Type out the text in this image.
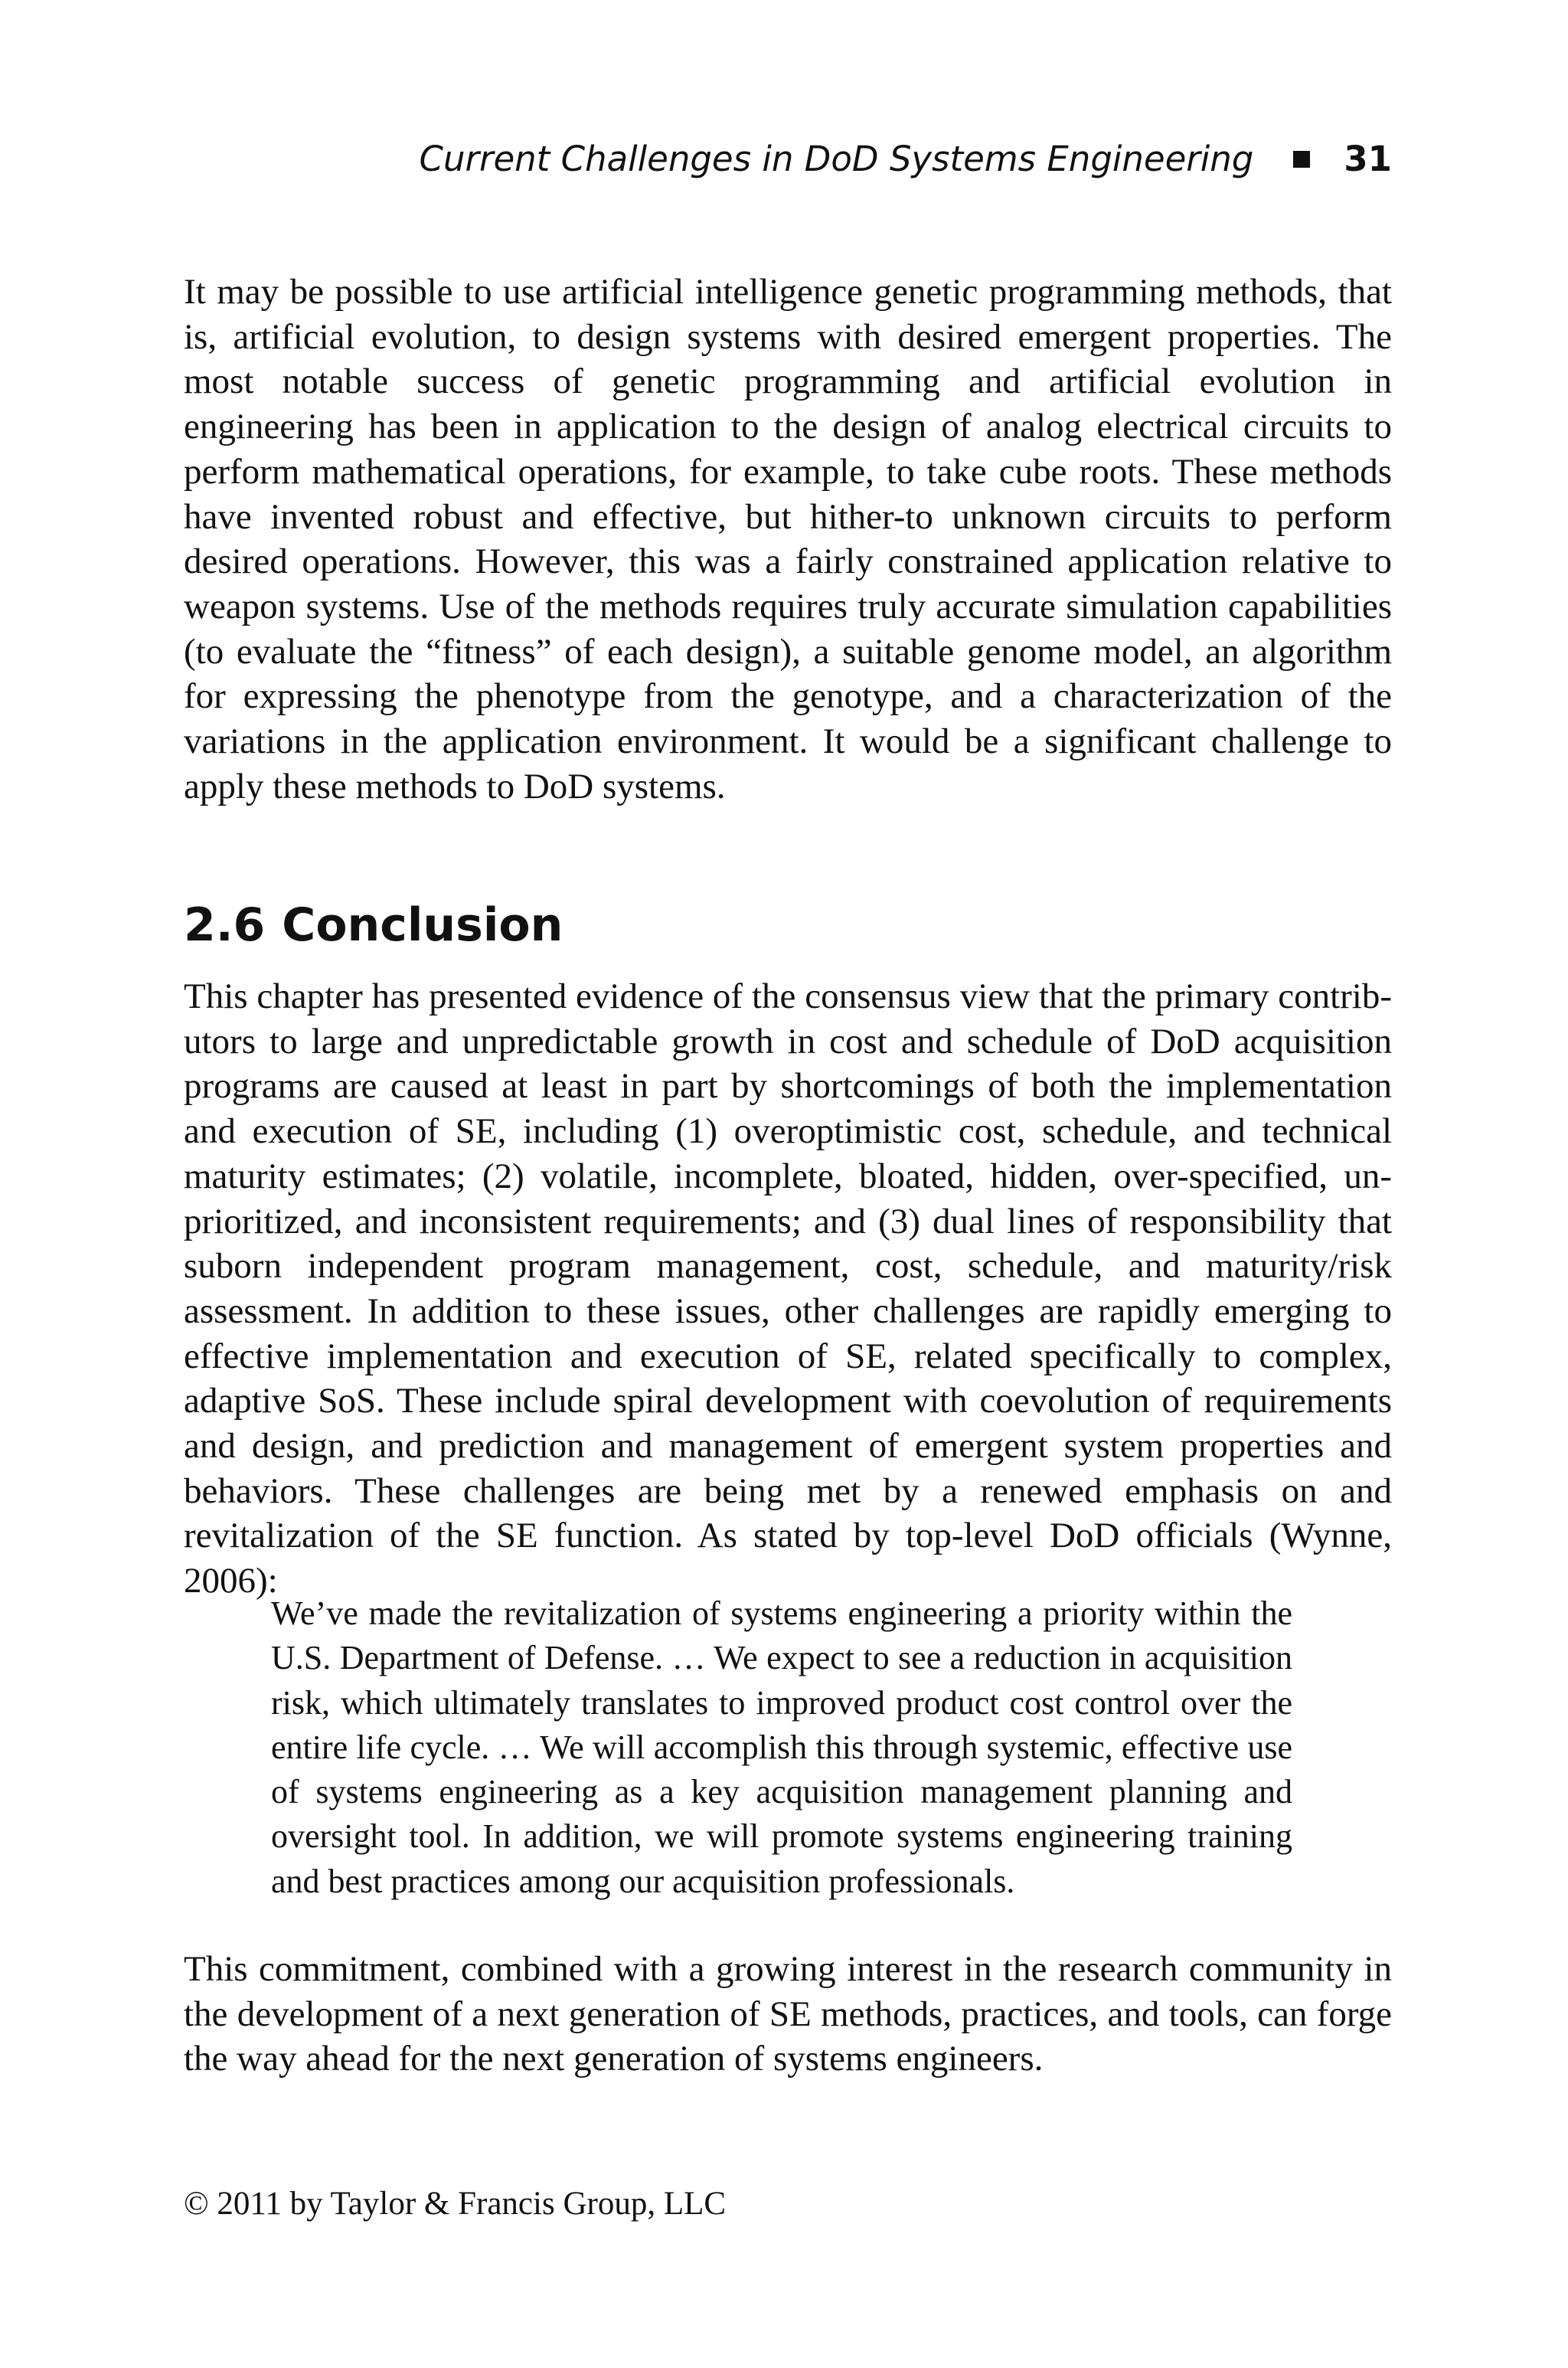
Current Challenges in DoD Systems Engineering	31

It may be possible to use artificial intelligence genetic programming methods, that is, artificial evolution, to design systems with desired emergent properties. The most notable success of genetic programming and artificial evolution in engineering has been in application to the design of analog electrical circuits to perform mathematical operations, for example, to take cube roots. These methods have invented robust and effective, but hither-to unknown circuits to perform desired operations. However, this was a fairly constrained application relative to weapon systems. Use of the methods requires truly accurate simulation capabilities (to evaluate the “fitness” of each design), a suitable genome model, an algorithm for expressing the phenotype from the genotype, and a characterization of the variations in the application environment. It would be a significant challenge to apply these methods to DoD systems.

2.6 Conclusion

This chapter has presented evidence of the consensus view that the primary contributors to large and unpredictable growth in cost and schedule of DoD acquisition programs are caused at least in part by shortcomings of both the implementation and execution of SE, including (1) overoptimistic cost, schedule, and technical maturity estimates; (2) volatile, incomplete, bloated, hidden, over-specified, un-prioritized, and inconsistent requirements; and (3) dual lines of responsibility that suborn independent program management, cost, schedule, and maturity/risk assessment. In addition to these issues, other challenges are rapidly emerging to effective implementation and execution of SE, related specifically to complex, adaptive SoS. These include spiral development with coevolution of requirements and design, and prediction and management of emergent system properties and behaviors. These challenges are being met by a renewed emphasis on and revitalization of the SE function. As stated by top-level DoD officials (Wynne, 2006):

We’ve made the revitalization of systems engineering a priority within the U.S. Department of Defense. … We expect to see a reduction in acquisition risk, which ultimately translates to improved product cost control over the entire life cycle. … We will accomplish this through systemic, effective use of systems engineering as a key acquisition management planning and oversight tool. In addition, we will promote systems engineering training and best practices among our acquisition professionals.

This commitment, combined with a growing interest in the research community in the development of a next generation of SE methods, practices, and tools, can forge the way ahead for the next generation of systems engineers.

© 2011 by Taylor & Francis Group, LLC
